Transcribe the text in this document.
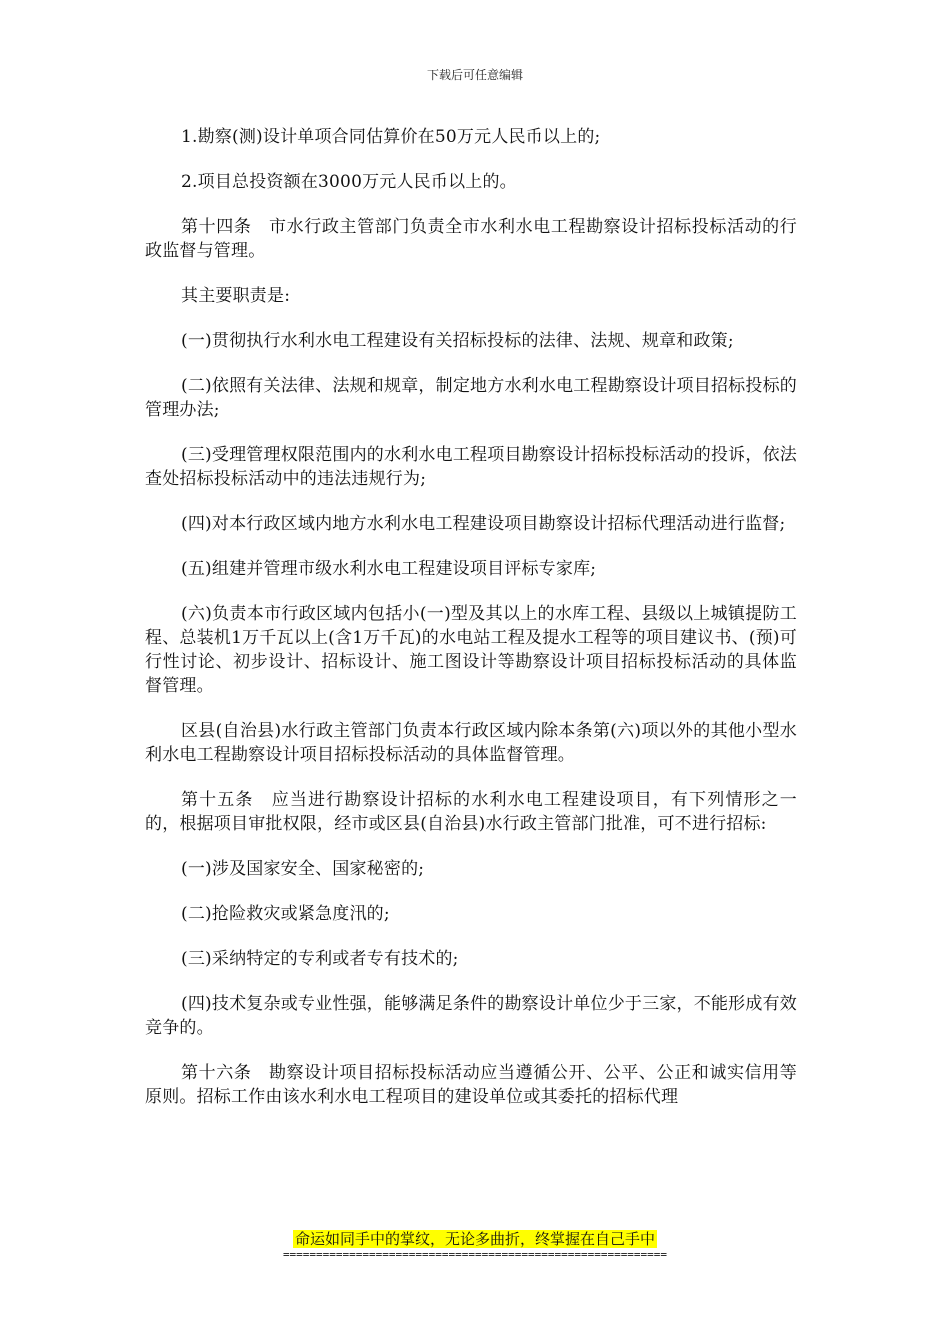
下载后可任意编辑

1.勘察(测)设计单项合同估算价在50万元人民币以上的;

2.项目总投资额在3000万元人民币以上的。

第十四条　市水行政主管部门负责全市水利水电工程勘察设计招标投标活动的行政监督与管理。

其主要职责是:

(一)贯彻执行水利水电工程建设有关招标投标的法律、法规、规章和政策;

(二)依照有关法律、法规和规章，制定地方水利水电工程勘察设计项目招标投标的管理办法;

(三)受理管理权限范围内的水利水电工程项目勘察设计招标投标活动的投诉，依法查处招标投标活动中的违法违规行为;

(四)对本行政区域内地方水利水电工程建设项目勘察设计招标代理活动进行监督;

(五)组建并管理市级水利水电工程建设项目评标专家库;

(六)负责本市行政区域内包括小(一)型及其以上的水库工程、县级以上城镇提防工程、总装机1万千瓦以上(含1万千瓦)的水电站工程及提水工程等的项目建议书、(预)可行性讨论、初步设计、招标设计、施工图设计等勘察设计项目招标投标活动的具体监督管理。

区县(自治县)水行政主管部门负责本行政区域内除本条第(六)项以外的其他小型水利水电工程勘察设计项目招标投标活动的具体监督管理。

第十五条　应当进行勘察设计招标的水利水电工程建设项目，有下列情形之一的，根据项目审批权限，经市或区县(自治县)水行政主管部门批准，可不进行招标:

(一)涉及国家安全、国家秘密的;

(二)抢险救灾或紧急度汛的;

(三)采纳特定的专利或者专有技术的;

(四)技术复杂或专业性强，能够满足条件的勘察设计单位少于三家，不能形成有效竞争的。

第十六条　勘察设计项目招标投标活动应当遵循公开、公平、公正和诚实信用等原则。招标工作由该水利水电工程项目的建设单位或其委托的招标代理

命运如同手中的掌纹，无论多曲折，终掌握在自己手中
==========================================================
